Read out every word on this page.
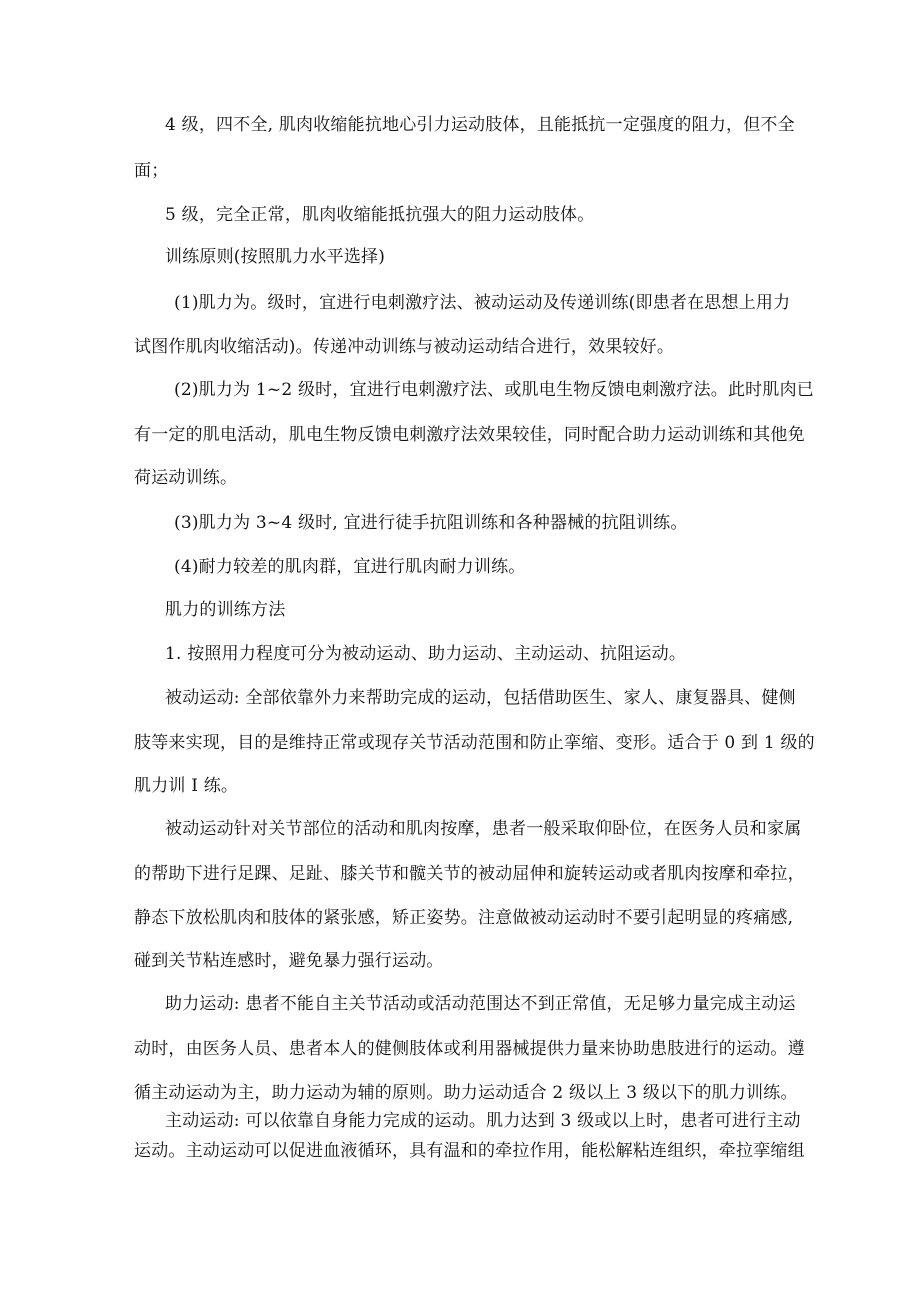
4 级，四不全, 肌肉收缩能抗地心引力运动肢体，且能抵抗一定强度的阻力，但不全
面；
5 级，完全正常，肌肉收缩能抵抗强大的阻力运动肢体。
训练原则(按照肌力水平选择)
(1)肌力为。级时，宜进行电刺激疗法、被动运动及传递训练(即患者在思想上用力
试图作肌肉收缩活动)。传递冲动训练与被动运动结合进行，效果较好。
(2)肌力为 1~2 级时，宜进行电刺激疗法、或肌电生物反馈电刺激疗法。此时肌肉已
有一定的肌电活动，肌电生物反馈电刺激疗法效果较佳，同时配合助力运动训练和其他免
荷运动训练。
(3)肌力为 3~4 级时, 宜进行徒手抗阻训练和各种器械的抗阻训练。
(4)耐力较差的肌肉群，宜进行肌肉耐力训练。
肌力的训练方法
1. 按照用力程度可分为被动运动、助力运动、主动运动、抗阻运动。
被动运动: 全部依靠外力来帮助完成的运动，包括借助医生、家人、康复器具、健侧
肢等来实现，目的是维持正常或现存关节活动范围和防止挛缩、变形。适合于 0 到 1 级的
肌力训 I 练。
被动运动针对关节部位的活动和肌肉按摩，患者一般采取仰卧位，在医务人员和家属
的帮助下进行足踝、足趾、膝关节和髋关节的被动屈伸和旋转运动或者肌肉按摩和牵拉，
静态下放松肌肉和肢体的紧张感，矫正姿势。注意做被动运动时不要引起明显的疼痛感,
碰到关节粘连感时，避免暴力强行运动。
助力运动: 患者不能自主关节活动或活动范围达不到正常值，无足够力量完成主动运
动时，由医务人员、患者本人的健侧肢体或利用器械提供力量来协助患肢进行的运动。遵
循主动运动为主，助力运动为辅的原则。助力运动适合 2 级以上 3 级以下的肌力训练。
主动运动: 可以依靠自身能力完成的运动。肌力达到 3 级或以上时，患者可进行主动
运动。主动运动可以促进血液循环，具有温和的牵拉作用，能松解粘连组织，牵拉挛缩组
